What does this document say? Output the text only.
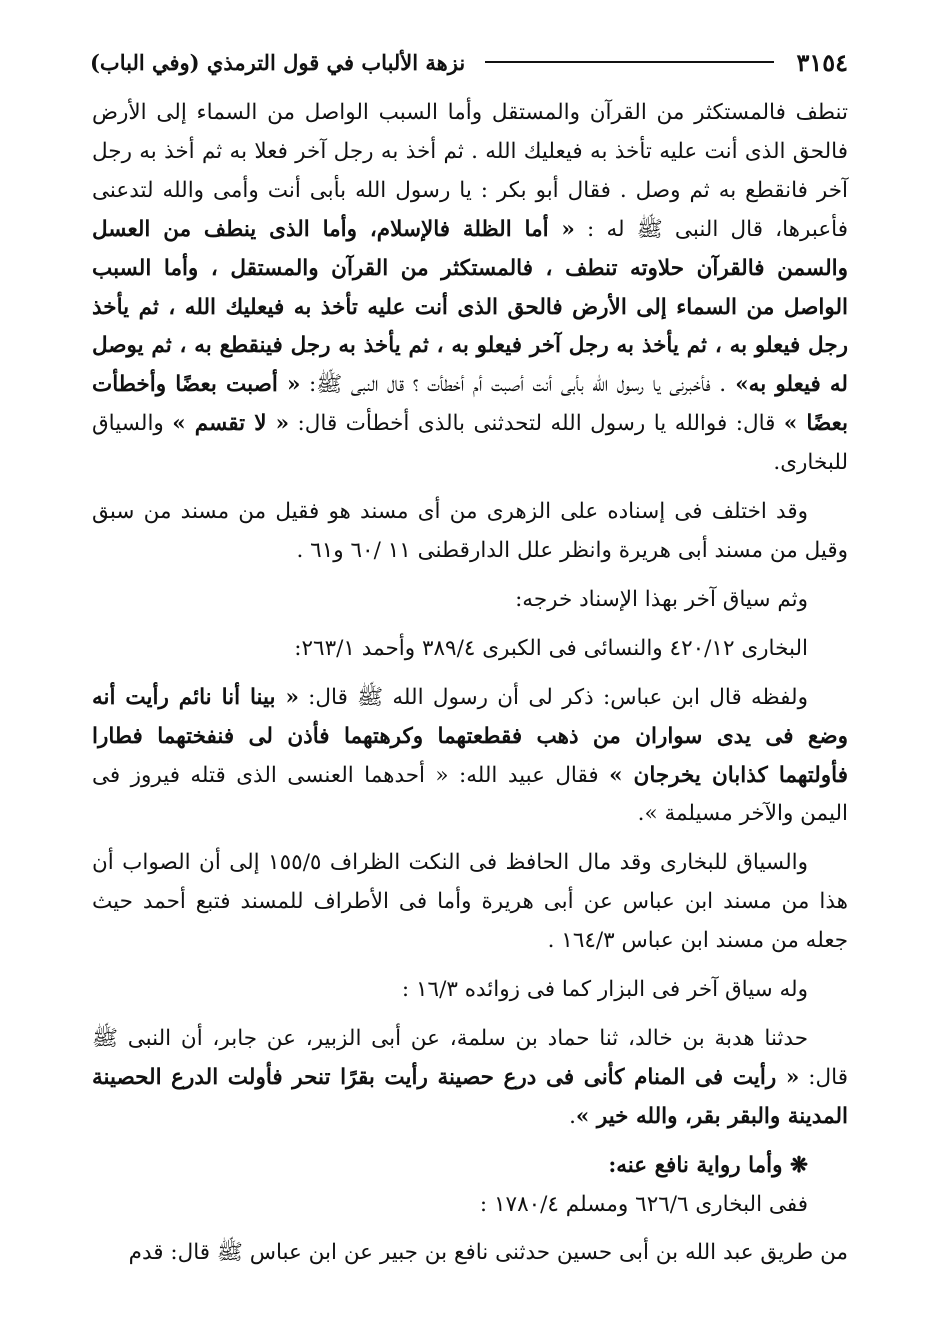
٣١٥٤
نزهة الألباب في قول الترمذي (وفي الباب)

تنطف فالمستكثر من القرآن والمستقل وأما السبب الواصل من السماء إلى الأرض فالحق الذى أنت عليه تأخذ به فيعليك الله . ثم أخذ به رجل آخر فعلا به ثم أخذ به رجل آخر فانقطع به ثم وصل . فقال أبو بكر : يا رسول الله بأبى أنت وأمى والله لتدعنى فأعبرها، قال النبى ﷺ له : « أما الظلة فالإسلام، وأما الذى ينطف من العسل والسمن فالقرآن حلاوته تنطف ، فالمستكثر من القرآن والمستقل ، وأما السبب الواصل من السماء إلى الأرض فالحق الذى أنت عليه تأخذ به فيعليك الله ، ثم يأخذ رجل فيعلو به ، ثم يأخذ به رجل آخر فيعلو به ، ثم يأخذ به رجل فينقطع به ، ثم يوصل له فيعلو به» . فأخبرنى يا رسول الله بأبى أنت أصبت أم أخطأت ؟ قال النبى ﷺ: « أصبت بعضًا وأخطأت بعضًا » قال: فوالله يا رسول الله لتحدثنى بالذى أخطأت قال: « لا تقسم » والسياق للبخارى.

وقد اختلف فى إسناده على الزهرى من أى مسند هو فقيل من مسند من سبق وقيل من مسند أبى هريرة وانظر علل الدارقطنى ١١ /٦٠ و٦١ .

وثم سياق آخر بهذا الإسناد خرجه:

البخارى ٤٢٠/١٢ والنسائى فى الكبرى ٣٨٩/٤ وأحمد ٢٦٣/١:

ولفظه قال ابن عباس: ذكر لى أن رسول الله ﷺ قال: « بينا أنا نائم رأيت أنه وضع فى يدى سواران من ذهب فقطعتهما وكرهتهما فأذن لى فنفختهما فطارا فأولتهما كذابان يخرجان » فقال عبيد الله: « أحدهما العنسى الذى قتله فيروز فى اليمن والآخر مسيلمة ».

والسياق للبخارى وقد مال الحافظ فى النكت الظراف ١٥٥/٥ إلى أن الصواب أن هذا من مسند ابن عباس عن أبى هريرة وأما فى الأطراف للمسند فتبع أحمد حيث جعله من مسند ابن عباس ١٦٤/٣ .

وله سياق آخر فى البزار كما فى زوائده ١٦/٣ :

حدثنا هدبة بن خالد، ثنا حماد بن سلمة، عن أبى الزبير، عن جابر، أن النبى ﷺ قال: « رأيت فى المنام كأنى فى درع حصينة رأيت بقرًا تنحر فأولت الدرع الحصينة المدينة والبقر بقر، والله خير ».

❋ وأما رواية نافع عنه:

ففى البخارى ٦٢٦/٦ ومسلم ١٧٨٠/٤ :

من طريق عبد الله بن أبى حسين حدثنى نافع بن جبير عن ابن عباس ﷺ قال: قدم
